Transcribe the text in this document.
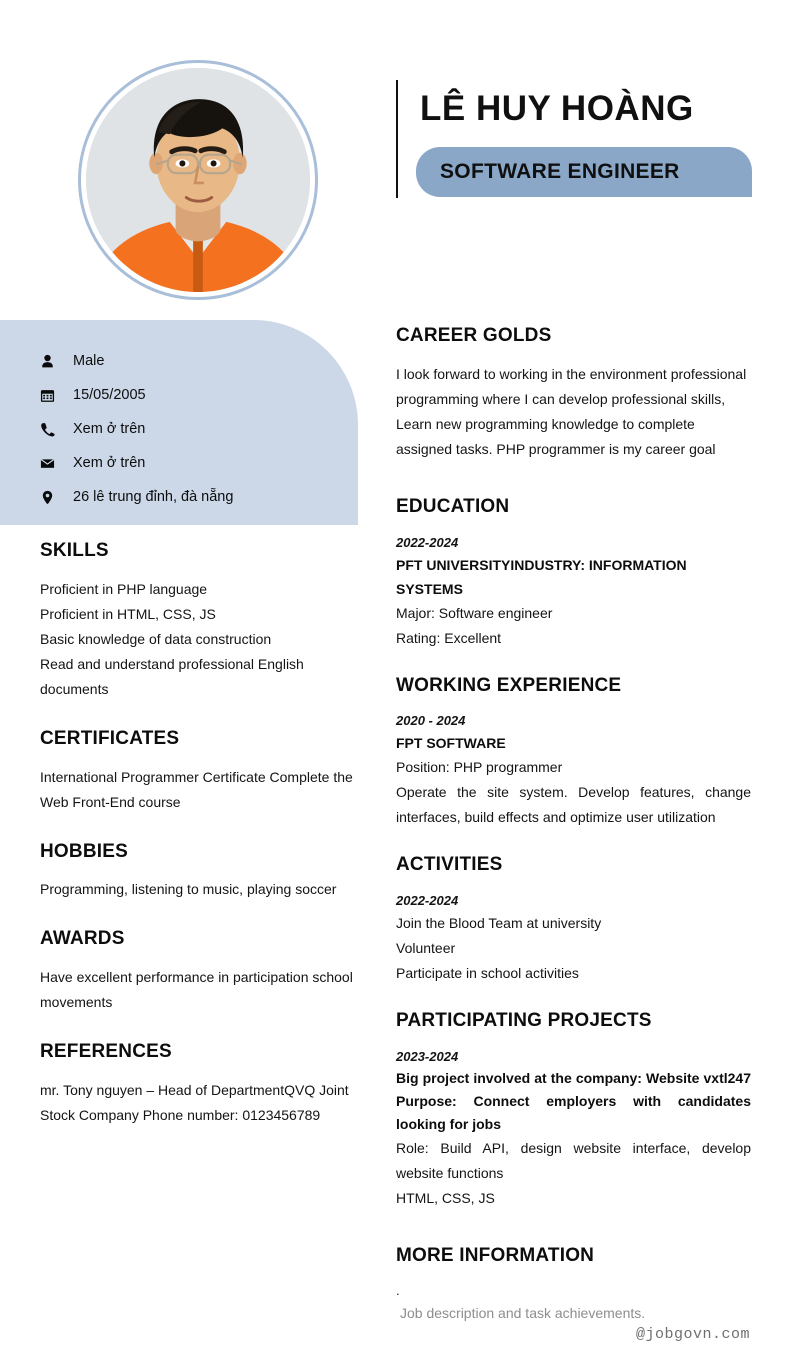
LÊ HUY HOÀNG
SOFTWARE ENGINEER
Male
15/05/2005
Xem ở trên
Xem ở trên
26 lê trung đỉnh, đà nẵng
SKILLS
Proficient in PHP language
Proficient in HTML, CSS, JS
Basic knowledge of data construction
Read and understand professional English documents
CERTIFICATES
International Programmer Certificate Complete the Web Front-End course
HOBBIES
Programming, listening to music, playing soccer
AWARDS
Have excellent performance in participation school movements
REFERENCES
mr. Tony nguyen – Head of DepartmentQVQ Joint Stock Company Phone number: 0123456789
CAREER GOLDS
I look forward to working in the environment professional programming where I can develop professional skills, Learn new programming knowledge to complete assigned tasks. PHP programmer is my career goal
EDUCATION
2022-2024
PFT UNIVERSITYINDUSTRY: INFORMATION SYSTEMS
Major: Software engineer
Rating: Excellent
WORKING EXPERIENCE
2020 - 2024
FPT SOFTWARE
Position: PHP programmer
Operate the site system. Develop features, change interfaces, build effects and optimize user utilization
ACTIVITIES
2022-2024
Join the Blood Team at university
Volunteer
Participate in school activities
PARTICIPATING PROJECTS
2023-2024
Big project involved at the company: Website vxtl247 Purpose: Connect employers with candidates looking for jobs
Role: Build API, design website interface, develop website functions
HTML, CSS, JS
MORE INFORMATION
.
Job description and task achievements.
@jobgovn.com
